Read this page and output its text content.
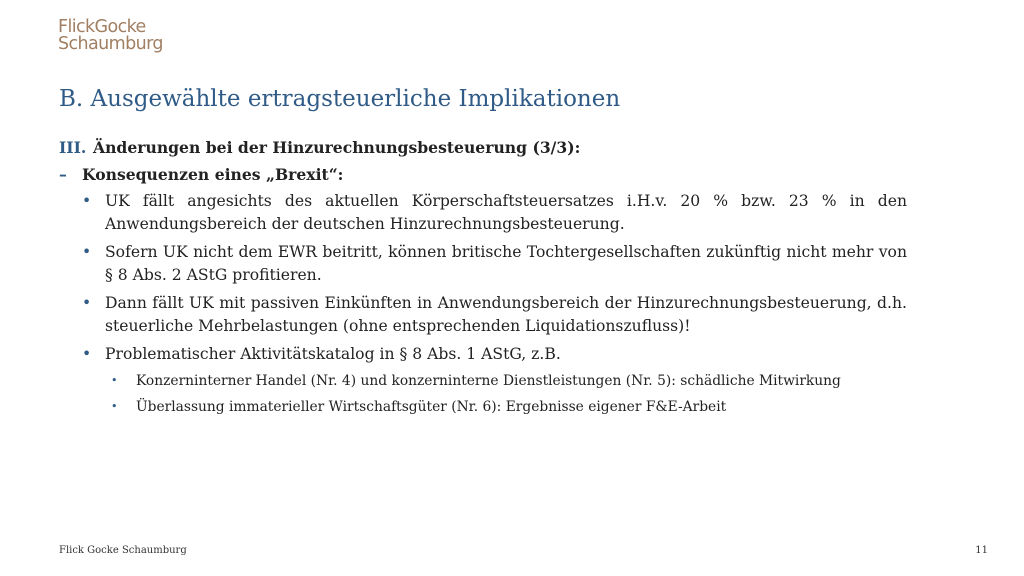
FlickGocke
Schaumburg
B. Ausgewählte ertragsteuerliche Implikationen
III. Änderungen bei der Hinzurechnungsbesteuerung (3/3):
– Konsequenzen eines „Brexit“:
• UK fällt angesichts des aktuellen Körperschaftsteuersatzes i.H.v. 20 % bzw. 23 % in den Anwendungsbereich der deutschen Hinzurechnungsbesteuerung.
• Sofern UK nicht dem EWR beitritt, können britische Tochtergesellschaften zukünftig nicht mehr von § 8 Abs. 2 AStG profitieren.
• Dann fällt UK mit passiven Einkünften in Anwendungsbereich der Hinzurechnungsbesteuerung, d.h. steuerliche Mehrbelastungen (ohne entsprechenden Liquidationszufluss)!
• Problematischer Aktivitätskatalog in § 8 Abs. 1 AStG, z.B.
•	Konzerninterner Handel (Nr. 4) und konzerninterne Dienstleistungen (Nr. 5): schädliche Mitwirkung
•	Überlassung immaterieller Wirtschaftsgüter (Nr. 6): Ergebnisse eigener F&E-Arbeit
Flick Gocke Schaumburg	11
